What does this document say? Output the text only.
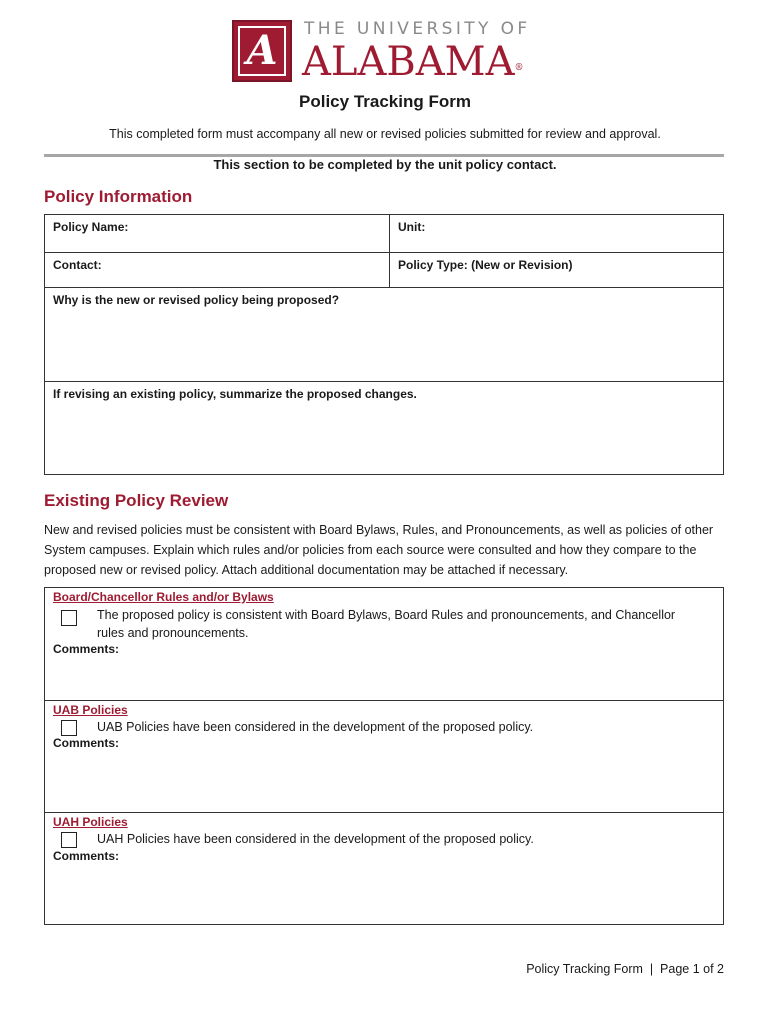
A	THE UNIVERSITY OF
ALABAMA®
Policy Tracking Form
This completed form must accompany all new or revised policies submitted for review and approval.
This section to be completed by the unit policy contact.
Policy Information
Policy Name:	Unit:
Contact:	Policy Type: (New or Revision)
Why is the new or revised policy being proposed?
If revising an existing policy, summarize the proposed changes.
Existing Policy Review
New and revised policies must be consistent with Board Bylaws, Rules, and Pronouncements, as well as policies of other System campuses. Explain which rules and/or policies from each source were consulted and how they compare to the proposed new or revised policy. Attach additional documentation may be attached if necessary.
Board/Chancellor Rules and/or Bylaws
The proposed policy is consistent with Board Bylaws, Board Rules and pronouncements, and Chancellor rules and pronouncements.
Comments:
UAB Policies
UAB Policies have been considered in the development of the proposed policy.
Comments:
UAH Policies
UAH Policies have been considered in the development of the proposed policy.
Comments:
Policy Tracking Form  |  Page 1 of 2
